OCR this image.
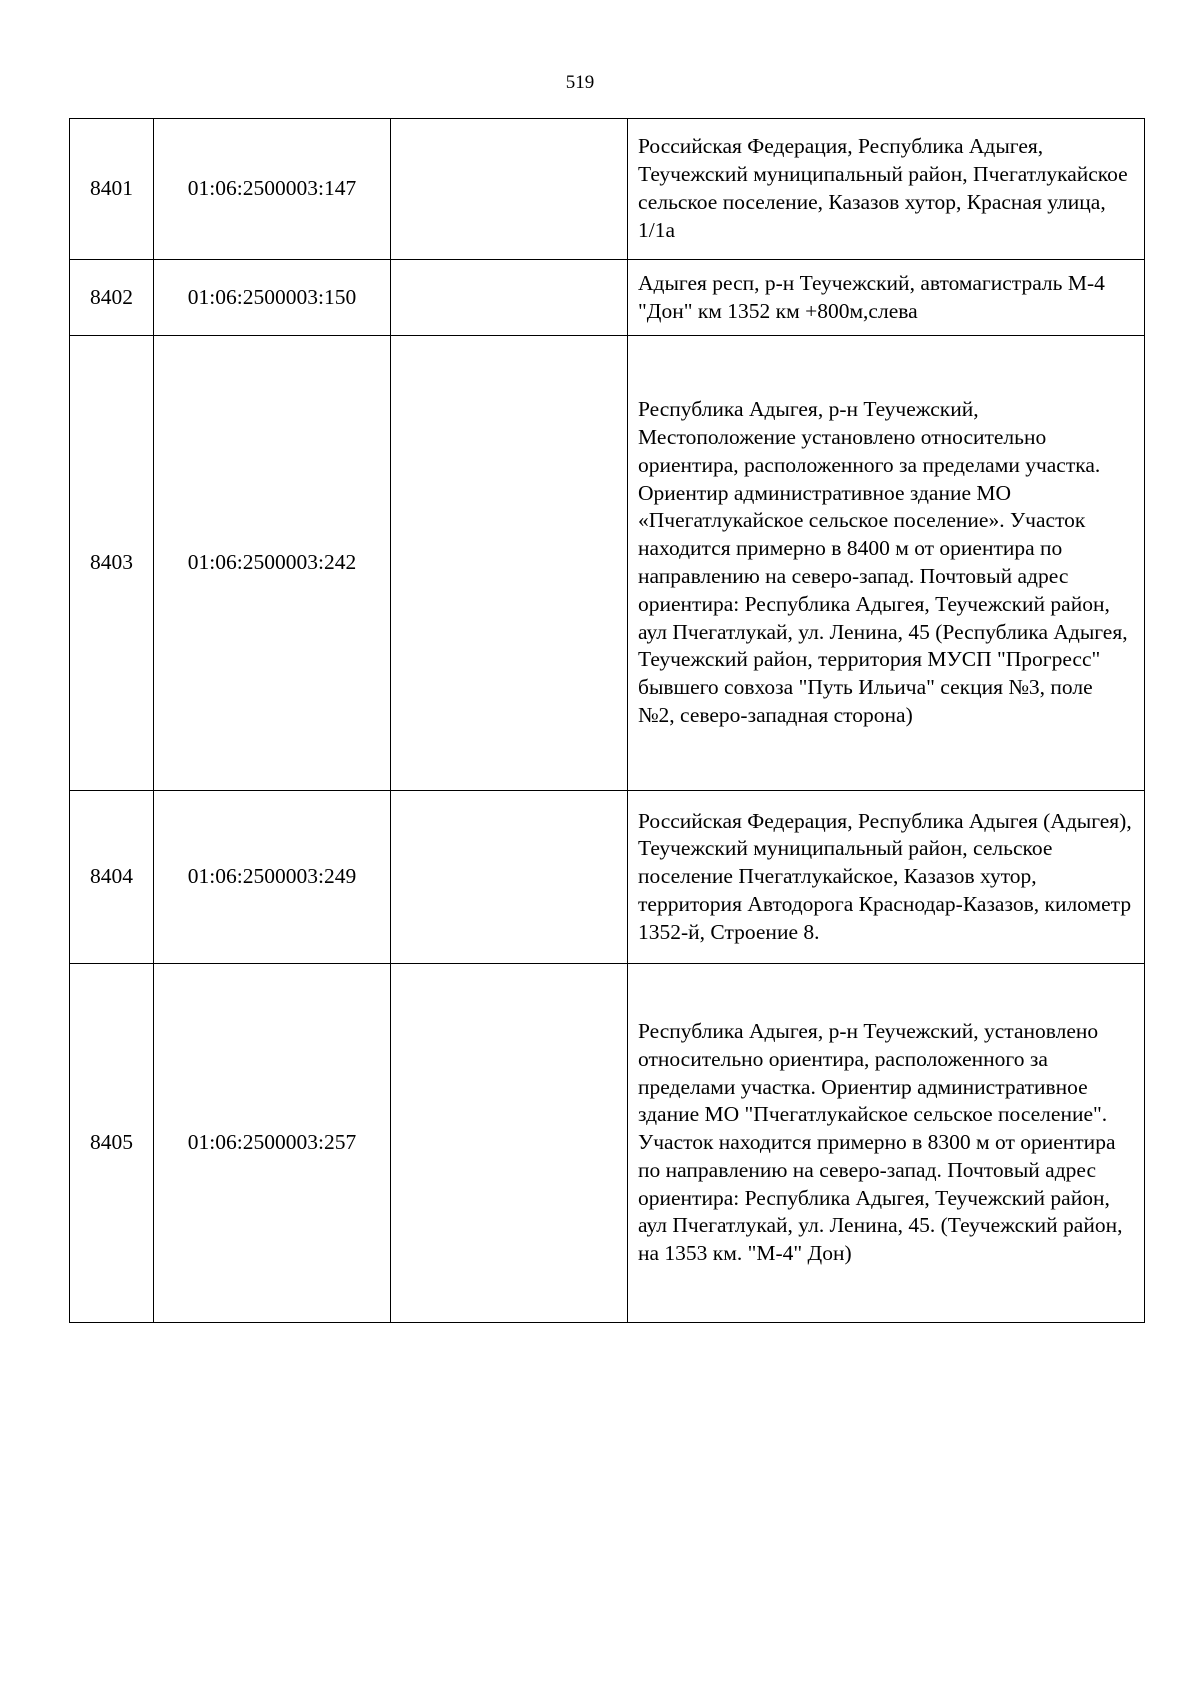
519
8401	01:06:2500003:147		Российская Федерация, Республика Адыгея, Теучежский муниципальный район, Пчегатлукайское сельское поселение, Казазов хутор, Красная улица, 1/1а
8402	01:06:2500003:150		Адыгея респ, р-н Теучежский, автомагистраль М-4 "Дон" км 1352 км +800м,слева
8403	01:06:2500003:242		Республика Адыгея, р-н Теучежский, Местоположение установлено относительно ориентира, расположенного за пределами участка. Ориентир административное здание МО «Пчегатлукайское сельское поселение». Участок находится примерно в 8400 м от ориентира по направлению на северо-запад. Почтовый адрес ориентира: Республика Адыгея, Теучежский район, аул Пчегатлукай, ул. Ленина, 45 (Республика Адыгея, Теучежский район, территория МУСП "Прогресс" бывшего совхоза "Путь Ильича" секция №3, поле №2, северо-западная сторона)
8404	01:06:2500003:249		Российская Федерация, Республика Адыгея (Адыгея), Теучежский муниципальный район, сельское поселение Пчегатлукайское, Казазов хутор, территория Автодорога Краснодар-Казазов, километр 1352-й, Строение 8.
8405	01:06:2500003:257		Республика Адыгея, р-н Теучежский, установлено относительно ориентира, расположенного за пределами участка. Ориентир административное здание МО "Пчегатлукайское сельское поселение". Участок находится примерно в 8300 м от ориентира по направлению на северо-запад. Почтовый адрес ориентира: Республика Адыгея, Теучежский район, аул Пчегатлукай, ул. Ленина, 45. (Теучежский район, на 1353 км. "М-4" Дон)
